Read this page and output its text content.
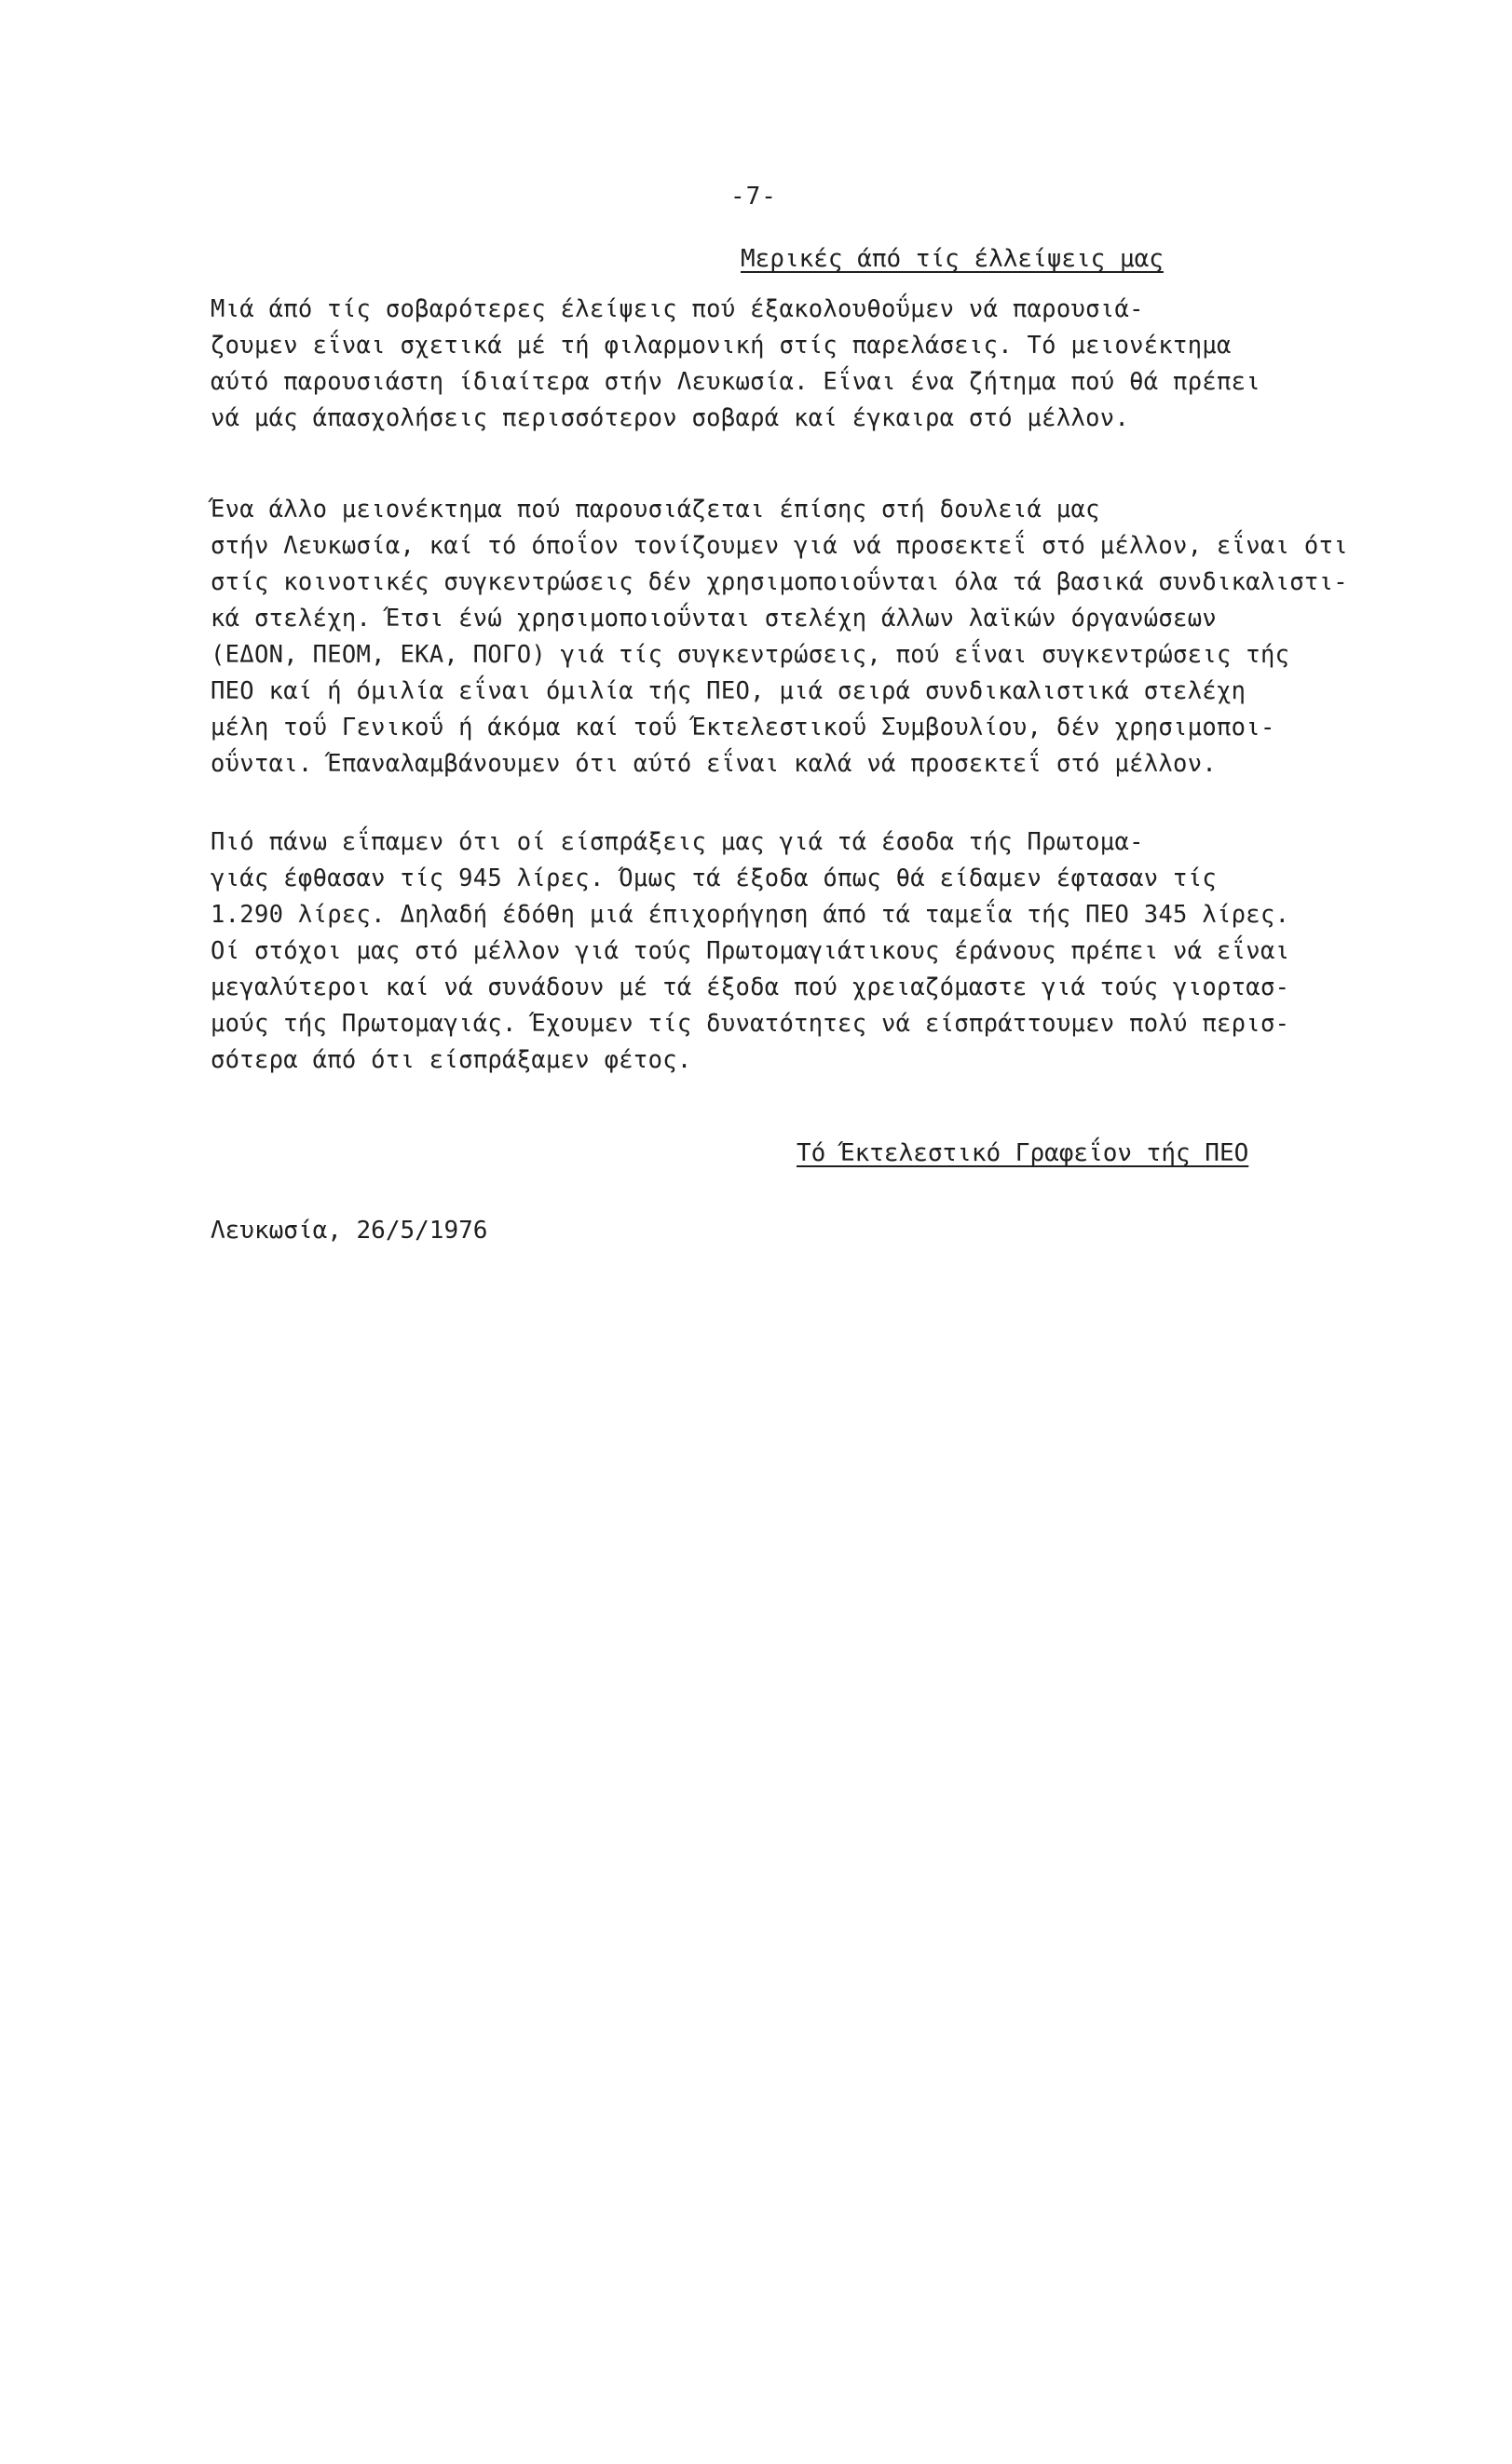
-7-

Μερικές άπό τίς έλλείψεις μας
Μιά άπό τίς σοβαρότερες έλείψεις πού έξακολουθοΰμεν νά παρουσιά-
ζουμεν εΐναι σχετικά μέ τή φιλαρμονική στίς παρελάσεις. Τό μειονέκτημα
αύτό παρουσιάστη ίδιαίτερα στήν Λευκωσία. Εΐναι ένα ζήτημα πού θά πρέπει
νά μάς άπασχολήσεις περισσότερον σοβαρά καί έγκαιρα στό μέλλον.
Ένα άλλο μειονέκτημα πού παρουσιάζεται έπίσης στή δουλειά μας
στήν Λευκωσία, καί τό όποΐον τονίζουμεν γιά νά προσεκτεΐ στό μέλλον, εΐναι ότι
στίς κοινοτικές συγκεντρώσεις δέν χρησιμοποιοΰνται όλα τά βασικά συνδικαλιστι-
κά στελέχη. Έτσι ένώ χρησιμοποιοΰνται στελέχη άλλων λαϊκών όργανώσεων
(ΕΔΟΝ, ΠΕΟΜ, ΕΚΑ, ΠΟΓΟ) γιά τίς συγκεντρώσεις, πού εΐναι συγκεντρώσεις τής
ΠΕΟ καί ή όμιλία εΐναι όμιλία τής ΠΕΟ, μιά σειρά συνδικαλιστικά στελέχη
μέλη τοΰ Γενικοΰ ή άκόμα καί τοΰ Έκτελεστικοΰ Συμβουλίου, δέν χρησιμοποι-
οΰνται. Έπαναλαμβάνουμεν ότι αύτό εΐναι καλά νά προσεκτεΐ στό μέλλον.
Πιό πάνω εΐπαμεν ότι οί είσπράξεις μας γιά τά έσοδα τής Πρωτομα-
γιάς έφθασαν τίς 945 λίρες. Όμως τά έξοδα όπως θά είδαμεν έφτασαν τίς
1.290 λίρες. Δηλαδή έδόθη μιά έπιχορήγηση άπό τά ταμεΐα τής ΠΕΟ 345 λίρες.
Οί στόχοι μας στό μέλλον γιά τούς Πρωτομαγιάτικους έράνους πρέπει νά εΐναι
μεγαλύτεροι καί νά συνάδουν μέ τά έξοδα πού χρειαζόμαστε γιά τούς γιορτασ-
μούς τής Πρωτομαγιάς. Έχουμεν τίς δυνατότητες νά είσπράττουμεν πολύ περισ-
σότερα άπό ότι είσπράξαμεν φέτος.

Τό Έκτελεστικό Γραφεΐον τής ΠΕΟ

Λευκωσία, 26/5/1976
